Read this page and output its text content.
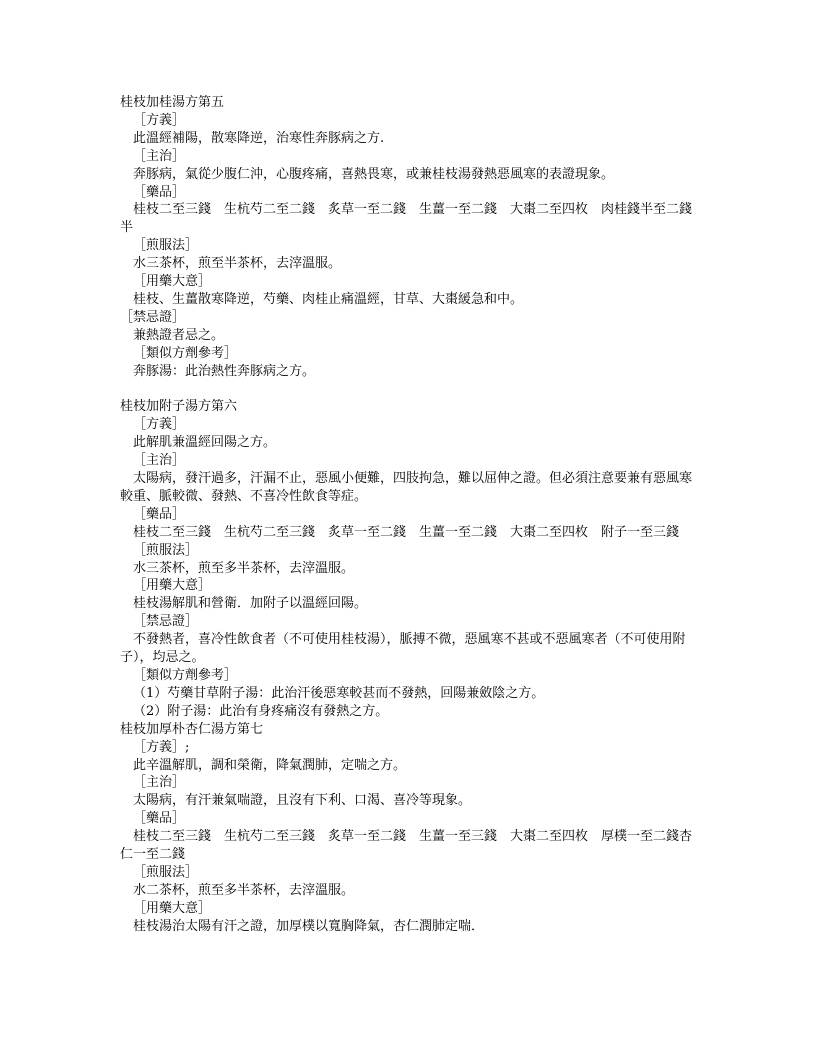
桂枝加桂湯方第五

［方義］

此溫經補陽，散寒降逆，治寒性奔豚病之方.

［主治］

奔豚病，氣從少腹仁沖，心腹疼痛，喜熱畏寒，或兼桂枝湯發熱惡風寒的表證現象。

［藥品］

桂枝二至三錢　生杭芍二至二錢　炙草一至二錢　生薑一至二錢　大棗二至四枚　肉桂錢半至二錢半

［煎服法］

水三茶杯，煎至半茶杯，去滓溫服。

［用藥大意］

桂枝、生薑散寒降逆，芍藥、肉桂止痛溫經，甘草、大棗緩急和中。

［禁忌證］

兼熱證者忌之。

［類似方劑參考］

奔豚湯：此治熱性奔豚病之方。

桂枝加附子湯方第六

［方義］

此解肌兼溫經回陽之方。

［主治］

太陽病，發汗過多，汗漏不止，惡風小便難，四肢拘急，難以屈伸之證。但必須注意要兼有惡風寒較重、脈較微、發熱、不喜冷性飲食等症。

［藥品］

桂枝二至三錢　生杭芍二至三錢　炙草一至二錢　生薑一至二錢　大棗二至四枚　附子一至三錢

［煎服法］

水三茶杯，煎至多半茶杯，去滓溫服。

［用藥大意］

桂枝湯解肌和營衛．加附子以溫經回陽。

［禁忌證］

不發熱者，喜冷性飲食者（不可使用桂枝湯），脈搏不微，惡風寒不甚或不惡風寒者（不可使用附子），均忌之。

［類似方劑參考］

（1）芍藥甘草附子湯：此治汗後惡寒較甚而不發熱，回陽兼斂陰之方。

（2）附子湯：此治有身疼痛沒有發熱之方。

桂枝加厚朴杏仁湯方第七

［方義］;

此辛溫解肌，調和榮衛，降氣潤肺，定喘之方。

［主治］

太陽病，有汗兼氣喘證，且沒有下利、口渴、喜冷等現象。

［藥品］

桂枝二至三錢　生杭芍二至三錢　炙草一至二錢　生薑一至三錢　大棗二至四枚　厚樸一至二錢杏仁一至二錢

［煎服法］

水二茶杯，煎至多半茶杯，去滓溫服。

［用藥大意］

桂枝湯治太陽有汗之證，加厚樸以寬胸降氣，杏仁潤肺定喘．
